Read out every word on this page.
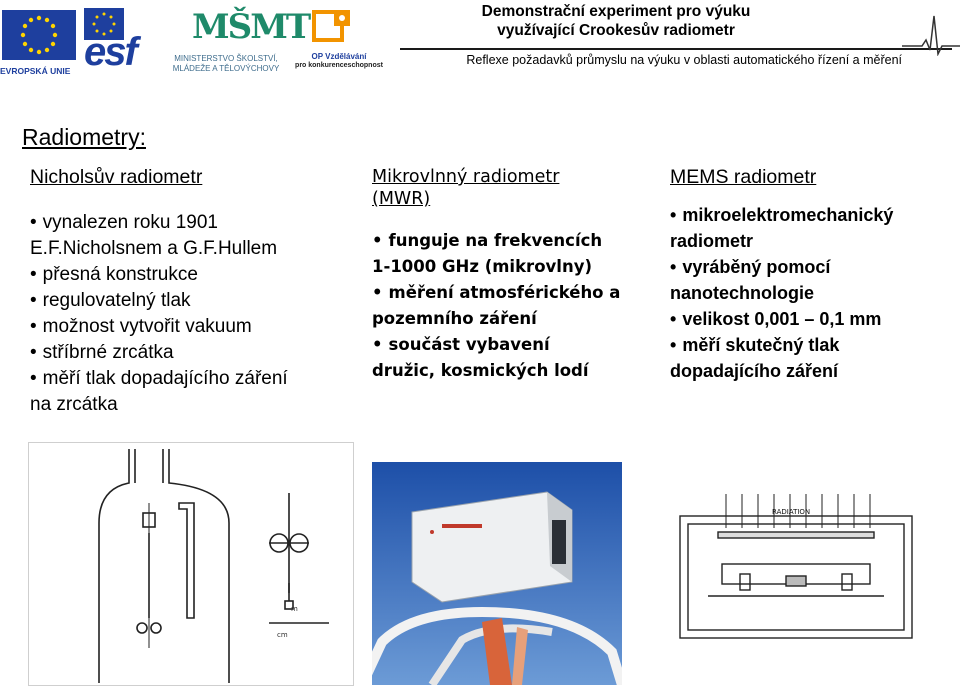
EVROPSKÁ UNIE esf
MŠMT
MINISTERSTVO ŠKOLSTVÍ,
MLÁDEŽE A TĚLOVÝCHOVY
OP Vzdělávání
pro konkurenceschopnost
Demonstrační experiment pro výuku
využívající Crookesův radiometr
Reflexe požadavků průmyslu na výuku v oblasti automatického řízení a měření
Radiometry:
Nicholsův radiometr
• vynalezen roku 1901
E.F.Nicholsnem a G.F.Hullem
• přesná konstrukce
• regulovatelný tlak
• možnost vytvořit vakuum
• stříbrné zrcátka
• měří tlak dopadajícího záření
na zrcátka
Mikrovlnný radiometr
(MWR)
• funguje na frekvencích
1-1000 GHz (mikrovlny)
• měření atmosférického a
pozemního záření
• součást vybavení
družic, kosmických lodí
MEMS radiometr
• mikroelektromechanický
radiometr
• vyráběný pomocí
nanotechnologie
• velikost 0,001 – 0,1 mm
• měří skutečný tlak
dopadajícího záření
cm
m
RADIATION
